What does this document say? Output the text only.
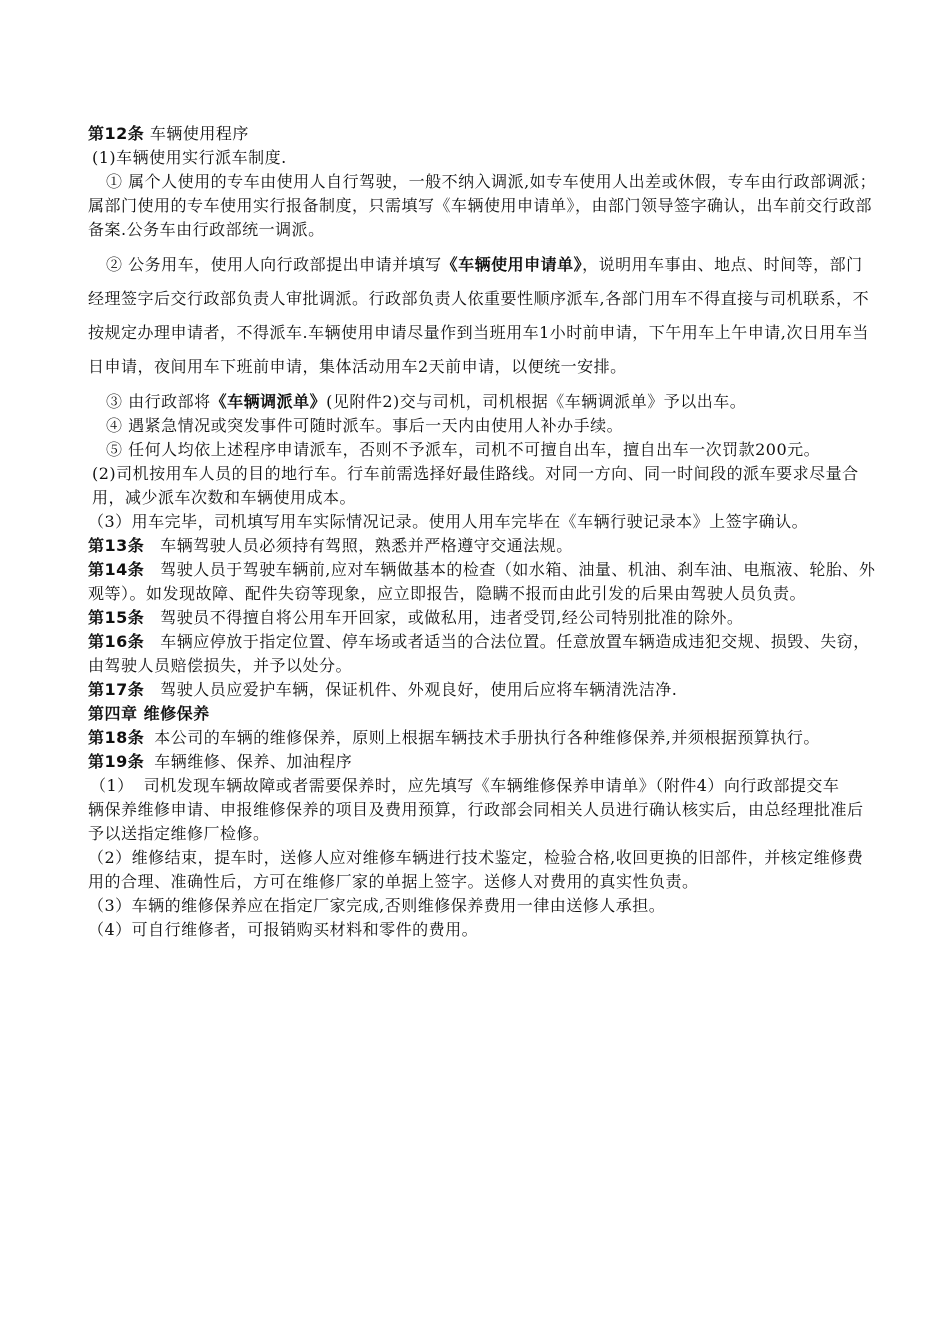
第12条 车辆使用程序

(1)车辆使用实行派车制度.

① 属个人使用的专车由使用人自行驾驶，一般不纳入调派,如专车使用人出差或休假，专车由行政部调派；属部门使用的专车使用实行报备制度，只需填写《车辆使用申请单》，由部门领导签字确认，出车前交行政部备案.公务车由行政部统一调派。

② 公务用车，使用人向行政部提出申请并填写《车辆使用申请单》，说明用车事由、地点、时间等，部门经理签字后交行政部负责人审批调派。行政部负责人依重要性顺序派车,各部门用车不得直接与司机联系，不按规定办理申请者，不得派车.车辆使用申请尽量作到当班用车1小时前申请，下午用车上午申请,次日用车当日申请，夜间用车下班前申请，集体活动用车2天前申请，以便统一安排。

③ 由行政部将《车辆调派单》(见附件2)交与司机，司机根据《车辆调派单》予以出车。

④ 遇紧急情况或突发事件可随时派车。事后一天内由使用人补办手续。

⑤ 任何人均依上述程序申请派车，否则不予派车，司机不可擅自出车，擅自出车一次罚款200元。

(2)司机按用车人员的目的地行车。行车前需选择好最佳路线。对同一方向、同一时间段的派车要求尽量合用，减少派车次数和车辆使用成本。

（3）用车完毕，司机填写用车实际情况记录。使用人用车完毕在《车辆行驶记录本》上签字确认。

第13条 车辆驾驶人员必须持有驾照，熟悉并严格遵守交通法规。

第14条 驾驶人员于驾驶车辆前,应对车辆做基本的检查（如水箱、油量、机油、刹车油、电瓶液、轮胎、外观等）。如发现故障、配件失窃等现象，应立即报告，隐瞒不报而由此引发的后果由驾驶人员负责。

第15条 驾驶员不得擅自将公用车开回家，或做私用，违者受罚,经公司特别批准的除外。

第16条 车辆应停放于指定位置、停车场或者适当的合法位置。任意放置车辆造成违犯交规、损毁、失窃，由驾驶人员赔偿损失，并予以处分。

第17条 驾驶人员应爱护车辆，保证机件、外观良好，使用后应将车辆清洗洁净.

第四章 维修保养

第18条 本公司的车辆的维修保养，原则上根据车辆技术手册执行各种维修保养,并须根据预算执行。

第19条 车辆维修、保养、加油程序

（1） 司机发现车辆故障或者需要保养时，应先填写《车辆维修保养申请单》（附件4）向行政部提交车

辆保养维修申请、申报维修保养的项目及费用预算，行政部会同相关人员进行确认核实后，由总经理批准后予以送指定维修厂检修。

（2）维修结束，提车时，送修人应对维修车辆进行技术鉴定，检验合格,收回更换的旧部件，并核定维修费用的合理、准确性后，方可在维修厂家的单据上签字。送修人对费用的真实性负责。

（3）车辆的维修保养应在指定厂家完成,否则维修保养费用一律由送修人承担。

（4）可自行维修者，可报销购买材料和零件的费用。
